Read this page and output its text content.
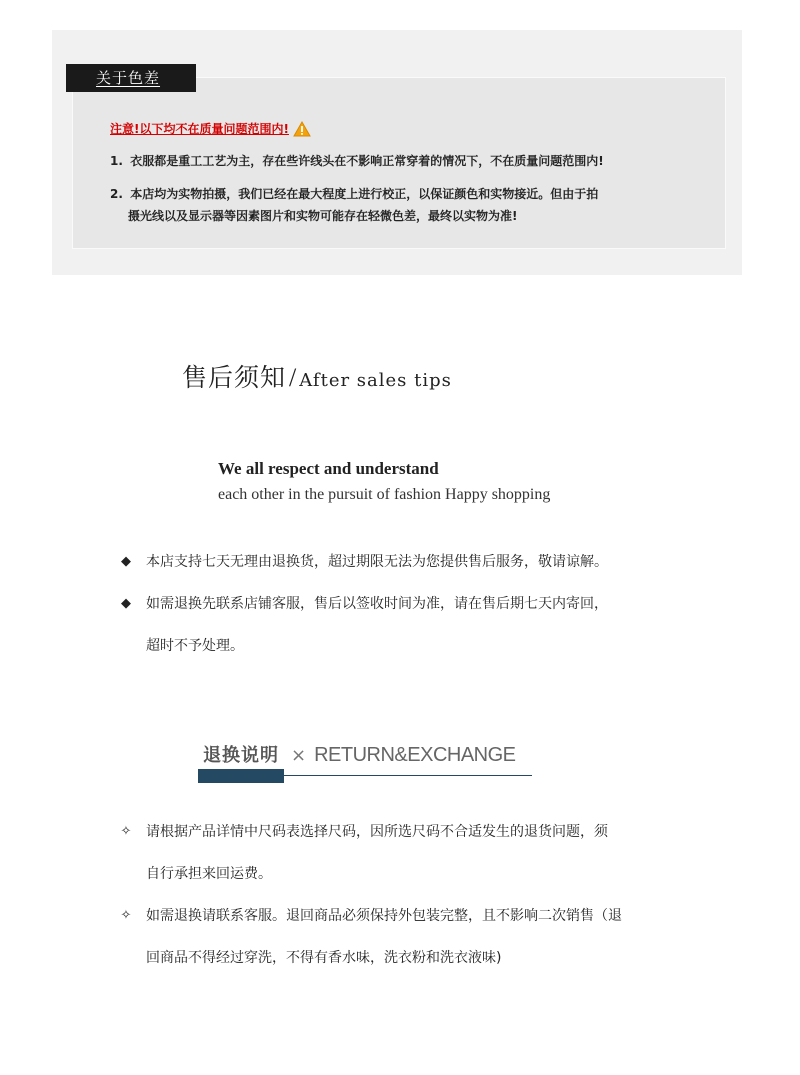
关于色差
注意!以下均不在质量问题范围内!
1. 衣服都是重工工艺为主，存在些许线头在不影响正常穿着的情况下，不在质量问题范围内!
2. 本店均为实物拍摄，我们已经在最大程度上进行校正，以保证颜色和实物接近。但由于拍
摄光线以及显示器等因素图片和实物可能存在轻微色差，最终以实物为准!
售后须知 / After sales tips
We all respect and understand
each other in the pursuit of fashion Happy shopping
◆	本店支持七天无理由退换货，超过期限无法为您提供售后服务，敬请谅解。
◆	如需退换先联系店铺客服，售后以签收时间为准，请在售后期七天内寄回，
超时不予处理。
退换说明 × RETURN&EXCHANGE
✧	请根据产品详情中尺码表选择尺码，因所选尺码不合适发生的退货问题，须
自行承担来回运费。
✧	如需退换请联系客服。退回商品必须保持外包装完整，且不影响二次销售（退
回商品不得经过穿洗，不得有香水味，洗衣粉和洗衣液味)
